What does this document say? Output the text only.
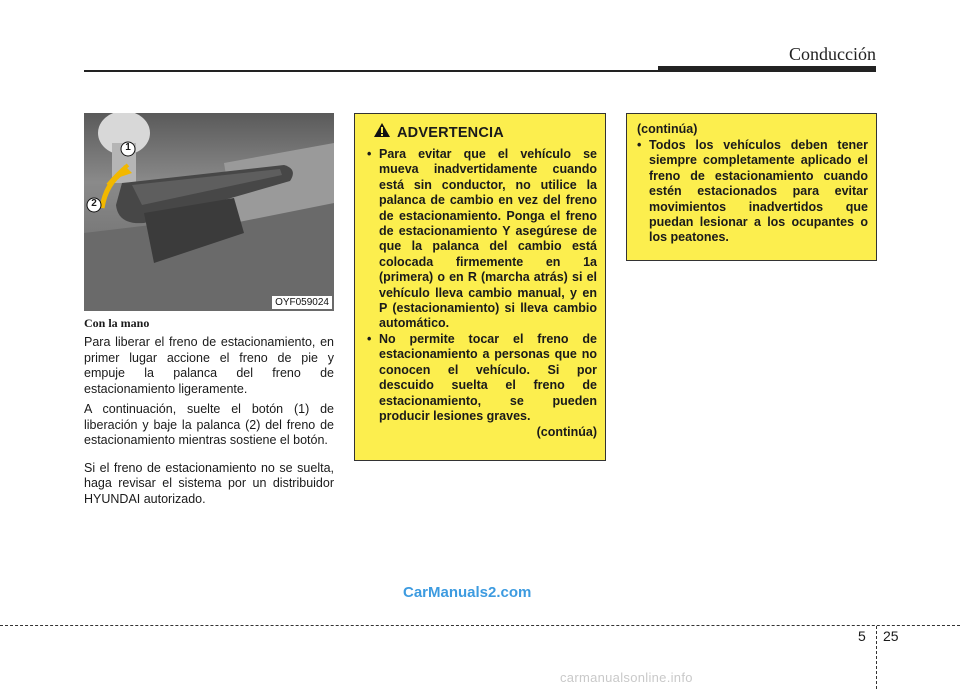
Conducción
1
2
OYF059024
Con la mano

Para liberar el freno de estacionamiento, en primer lugar accione el freno de pie y empuje la palanca del freno de estacionamiento ligeramente.

A continuación, suelte el botón (1) de liberación y baje la palanca (2) del freno de estacionamiento mientras sostiene el botón.

Si el freno de estacionamiento no se suelta, haga revisar el sistema por un distribuidor HYUNDAI autorizado.

ADVERTENCIA
• Para evitar que el vehículo se mueva inadvertidamente cuando está sin conductor, no utilice la palanca de cambio en vez del freno de estacionamiento. Ponga el freno de estacionamiento Y asegúrese de que la palanca del cambio está colocada firmemente en 1a (primera) o en R (marcha atrás) si el vehículo lleva cambio manual, y en P (estacionamiento) si lleva cambio automático.
• No permite tocar el freno de estacionamiento a personas que no conocen el vehículo. Si por descuido suelta el freno de estacionamiento, se pueden producir lesiones graves.
(continúa)
(continúa)
• Todos los vehículos deben tener siempre completamente aplicado el freno de estacionamiento cuando estén estacionados para evitar movimientos inadvertidos que puedan lesionar a los ocupantes o los peatones.
CarManuals2.com
5 25
carmanualsonline.info
